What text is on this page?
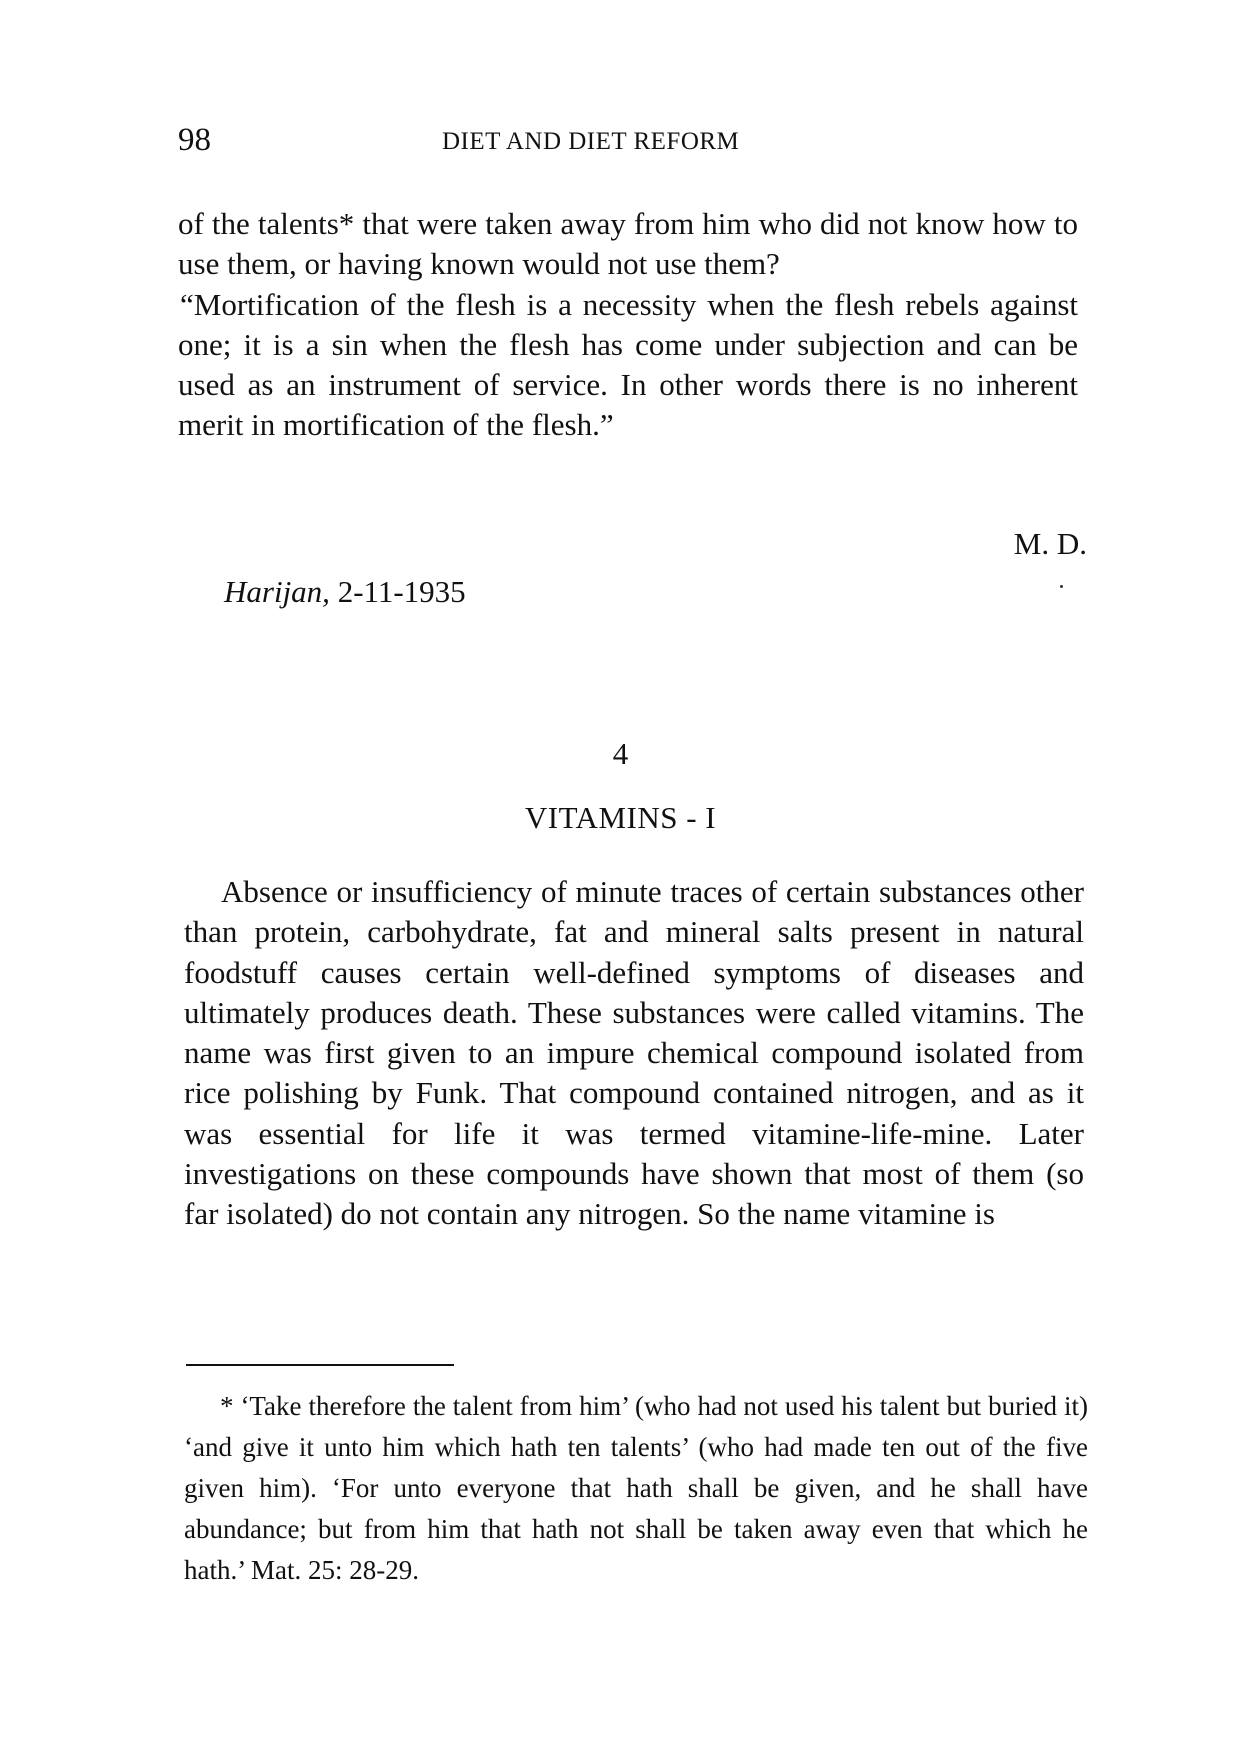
98	DIET AND DIET REFORM

of the talents* that were taken away from him who did not know how to use them, or having known would not use them?

“Mortification of the flesh is a necessity when the flesh rebels against one; it is a sin when the flesh has come under subjection and can be used as an instrument of service. In other words there is no inherent merit in mortification of the flesh.”

M. D.
Harijan, 2-11-1935
4
VITAMINS - I

Absence or insufficiency of minute traces of certain substances other than protein, carbohydrate, fat and mineral salts present in natural foodstuff causes certain well-defined symptoms of diseases and ultimately produces death. These substances were called vitamins. The name was first given to an impure chemical compound isolated from rice polishing by Funk. That compound contained nitrogen, and as it was essential for life it was termed vitamine-life-mine. Later investigations on these compounds have shown that most of them (so far isolated) do not contain any nitrogen. So the name vitamine is

* ‘Take therefore the talent from him’ (who had not used his talent but buried it) ‘and give it unto him which hath ten talents’ (who had made ten out of the five given him). ‘For unto everyone that hath shall be given, and he shall have abundance; but from him that hath not shall be taken away even that which he hath.’ Mat. 25: 28-29.
